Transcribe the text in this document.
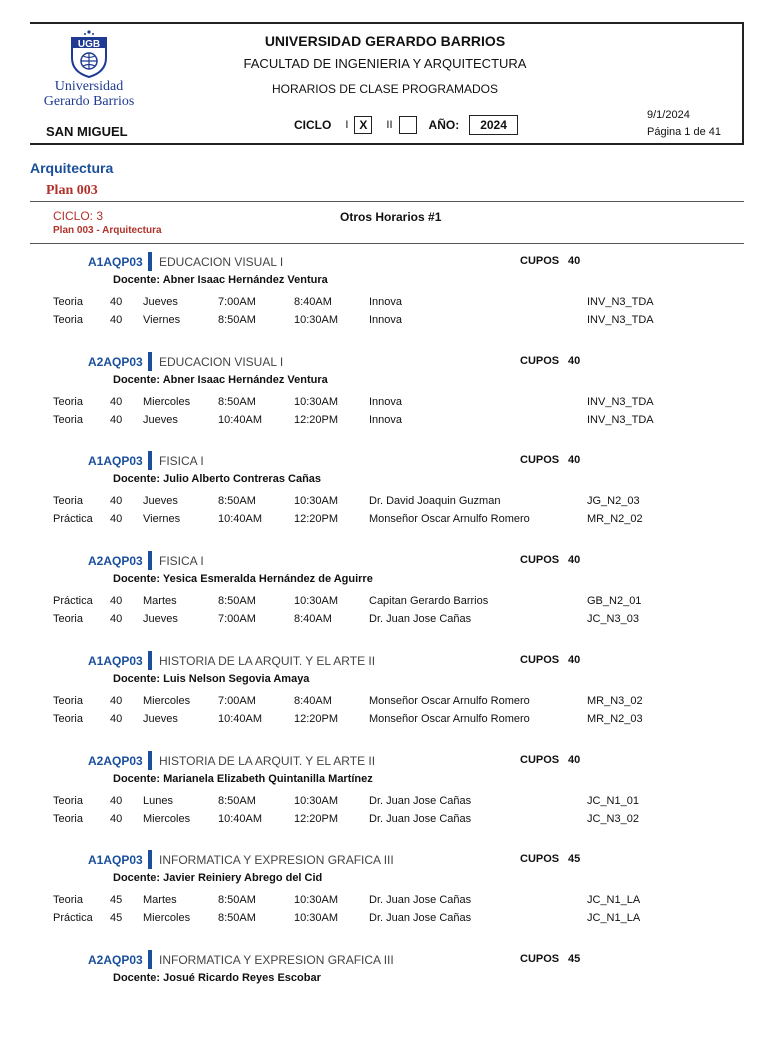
UGB
Universidad
Gerardo Barrios
SAN MIGUEL
UNIVERSIDAD GERARDO BARRIOS
FACULTAD DE INGENIERIA Y ARQUITECTURA
HORARIOS DE CLASE PROGRAMADOS
CICLO I X	II	AÑO:	2024
9/1/2024
Página 1 de 41
Arquitectura
Plan 003
CICLO: 3
Plan 003 - Arquitectura
Otros Horarios #1
A1AQP03 EDUCACION VISUAL I	CUPOS 40
Docente: Abner Isaac Hernández Ventura
Teoria 40 Jueves	7:00AM	8:40AM	Innova	INV_N3_TDA
Teoria 40 Viernes	8:50AM	10:30AM	Innova	INV_N3_TDA
A2AQP03 EDUCACION VISUAL I	CUPOS 40
Docente: Abner Isaac Hernández Ventura
Teoria 40 Miercoles	8:50AM	10:30AM	Innova	INV_N3_TDA
Teoria 40 Jueves	10:40AM	12:20PM	Innova	INV_N3_TDA
A1AQP03 FISICA I	CUPOS 40
Docente: Julio Alberto Contreras Cañas
Teoria 40 Jueves	8:50AM	10:30AM	Dr. David Joaquin Guzman	JG_N2_03
Práctica 40 Viernes	10:40AM	12:20PM	Monseñor Oscar Arnulfo Romero	MR_N2_02
A2AQP03 FISICA I	CUPOS 40
Docente: Yesica Esmeralda Hernández de Aguirre
Práctica 40 Martes	8:50AM	10:30AM	Capitan Gerardo Barrios	GB_N2_01
Teoria 40 Jueves	7:00AM	8:40AM	Dr. Juan Jose Cañas	JC_N3_03
A1AQP03 HISTORIA DE LA ARQUIT. Y EL ARTE II	CUPOS 40
Docente: Luis Nelson Segovia Amaya
Teoria 40 Miercoles	7:00AM	8:40AM	Monseñor Oscar Arnulfo Romero	MR_N3_02
Teoria 40 Jueves	10:40AM	12:20PM	Monseñor Oscar Arnulfo Romero	MR_N2_03
A2AQP03 HISTORIA DE LA ARQUIT. Y EL ARTE II	CUPOS 40
Docente: Marianela Elizabeth Quintanilla Martínez
Teoria 40 Lunes	8:50AM	10:30AM	Dr. Juan Jose Cañas	JC_N1_01
Teoria 40 Miercoles	10:40AM	12:20PM	Dr. Juan Jose Cañas	JC_N3_02
A1AQP03 INFORMATICA Y EXPRESION GRAFICA III	CUPOS 45
Docente: Javier Reiniery Abrego del Cid
Teoria 45 Martes	8:50AM	10:30AM	Dr. Juan Jose Cañas	JC_N1_LA
Práctica 45 Miercoles	8:50AM	10:30AM	Dr. Juan Jose Cañas	JC_N1_LA
A2AQP03 INFORMATICA Y EXPRESION GRAFICA III	CUPOS 45
Docente: Josué Ricardo Reyes Escobar
